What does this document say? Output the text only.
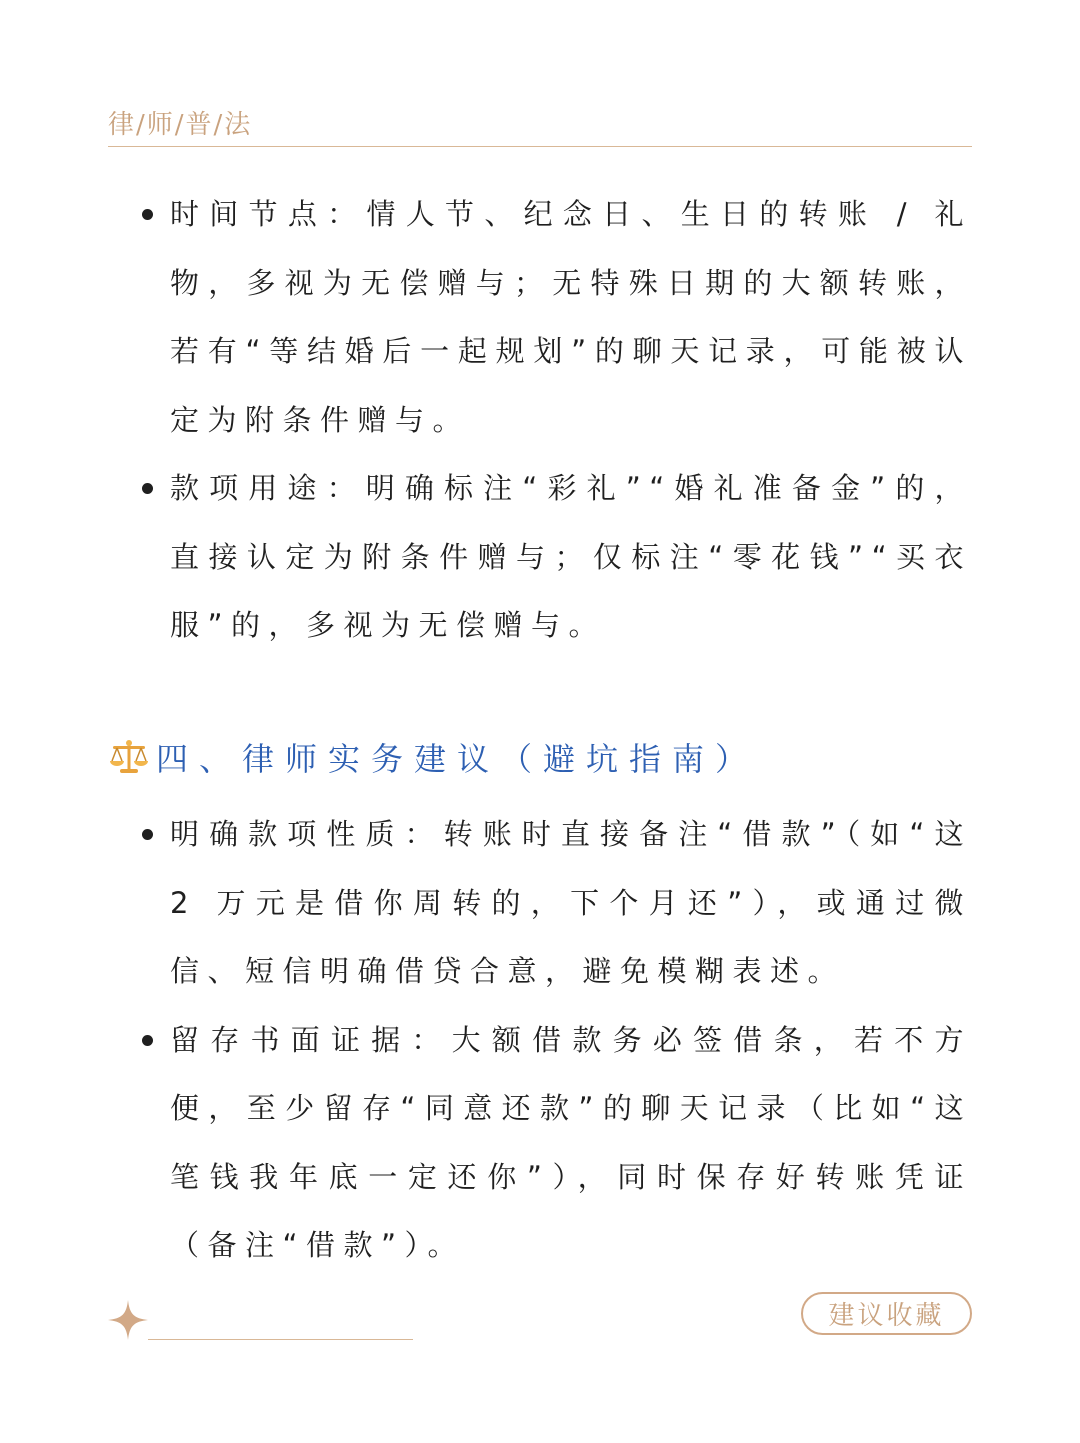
律/师/普/法
时间节点：情人节、纪念日、生日的转账 / 礼物，多视为无偿赠与；无特殊日期的大额转账，若有“等结婚后一起规划”的聊天记录，可能被认定为附条件赠与。
款项用途：明确标注“彩礼”“婚礼准备金”的，直接认定为附条件赠与；仅标注“零花钱”“买衣服”的，多视为无偿赠与。
四、律师实务建议（避坑指南）
明确款项性质：转账时直接备注“借款”（如“这 2 万元是借你周转的，下个月还”），或通过微信、短信明确借贷合意，避免模糊表述。
留存书面证据：大额借款务必签借条，若不方便，至少留存“同意还款”的聊天记录（比如“这笔钱我年底一定还你”），同时保存好转账凭证（备注“借款”）。
建议收藏
